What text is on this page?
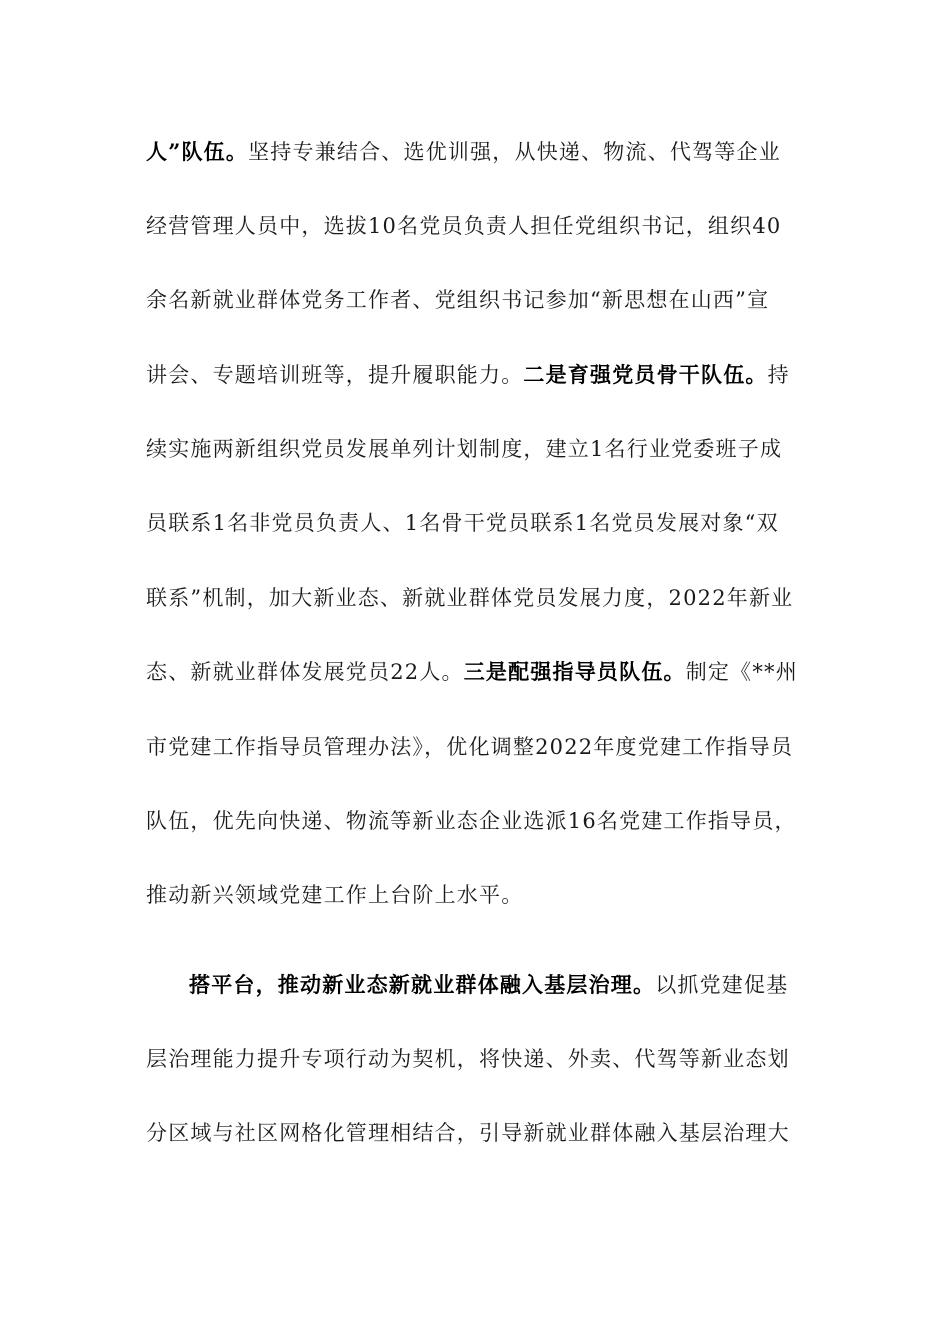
人”队伍。坚持专兼结合、选优训强，从快递、物流、代驾等企业
经营管理人员中，选拔10名党员负责人担任党组织书记，组织40
余名新就业群体党务工作者、党组织书记参加“新思想在山西”宣
讲会、专题培训班等，提升履职能力。二是育强党员骨干队伍。持
续实施两新组织党员发展单列计划制度，建立1名行业党委班子成
员联系1名非党员负责人、1名骨干党员联系1名党员发展对象“双
联系”机制，加大新业态、新就业群体党员发展力度，2022年新业
态、新就业群体发展党员22人。三是配强指导员队伍。制定《**州
市党建工作指导员管理办法》，优化调整2022年度党建工作指导员
队伍，优先向快递、物流等新业态企业选派16名党建工作指导员，
推动新兴领域党建工作上台阶上水平。
搭平台，推动新业态新就业群体融入基层治理。以抓党建促基
层治理能力提升专项行动为契机，将快递、外卖、代驾等新业态划
分区域与社区网格化管理相结合，引导新就业群体融入基层治理大
